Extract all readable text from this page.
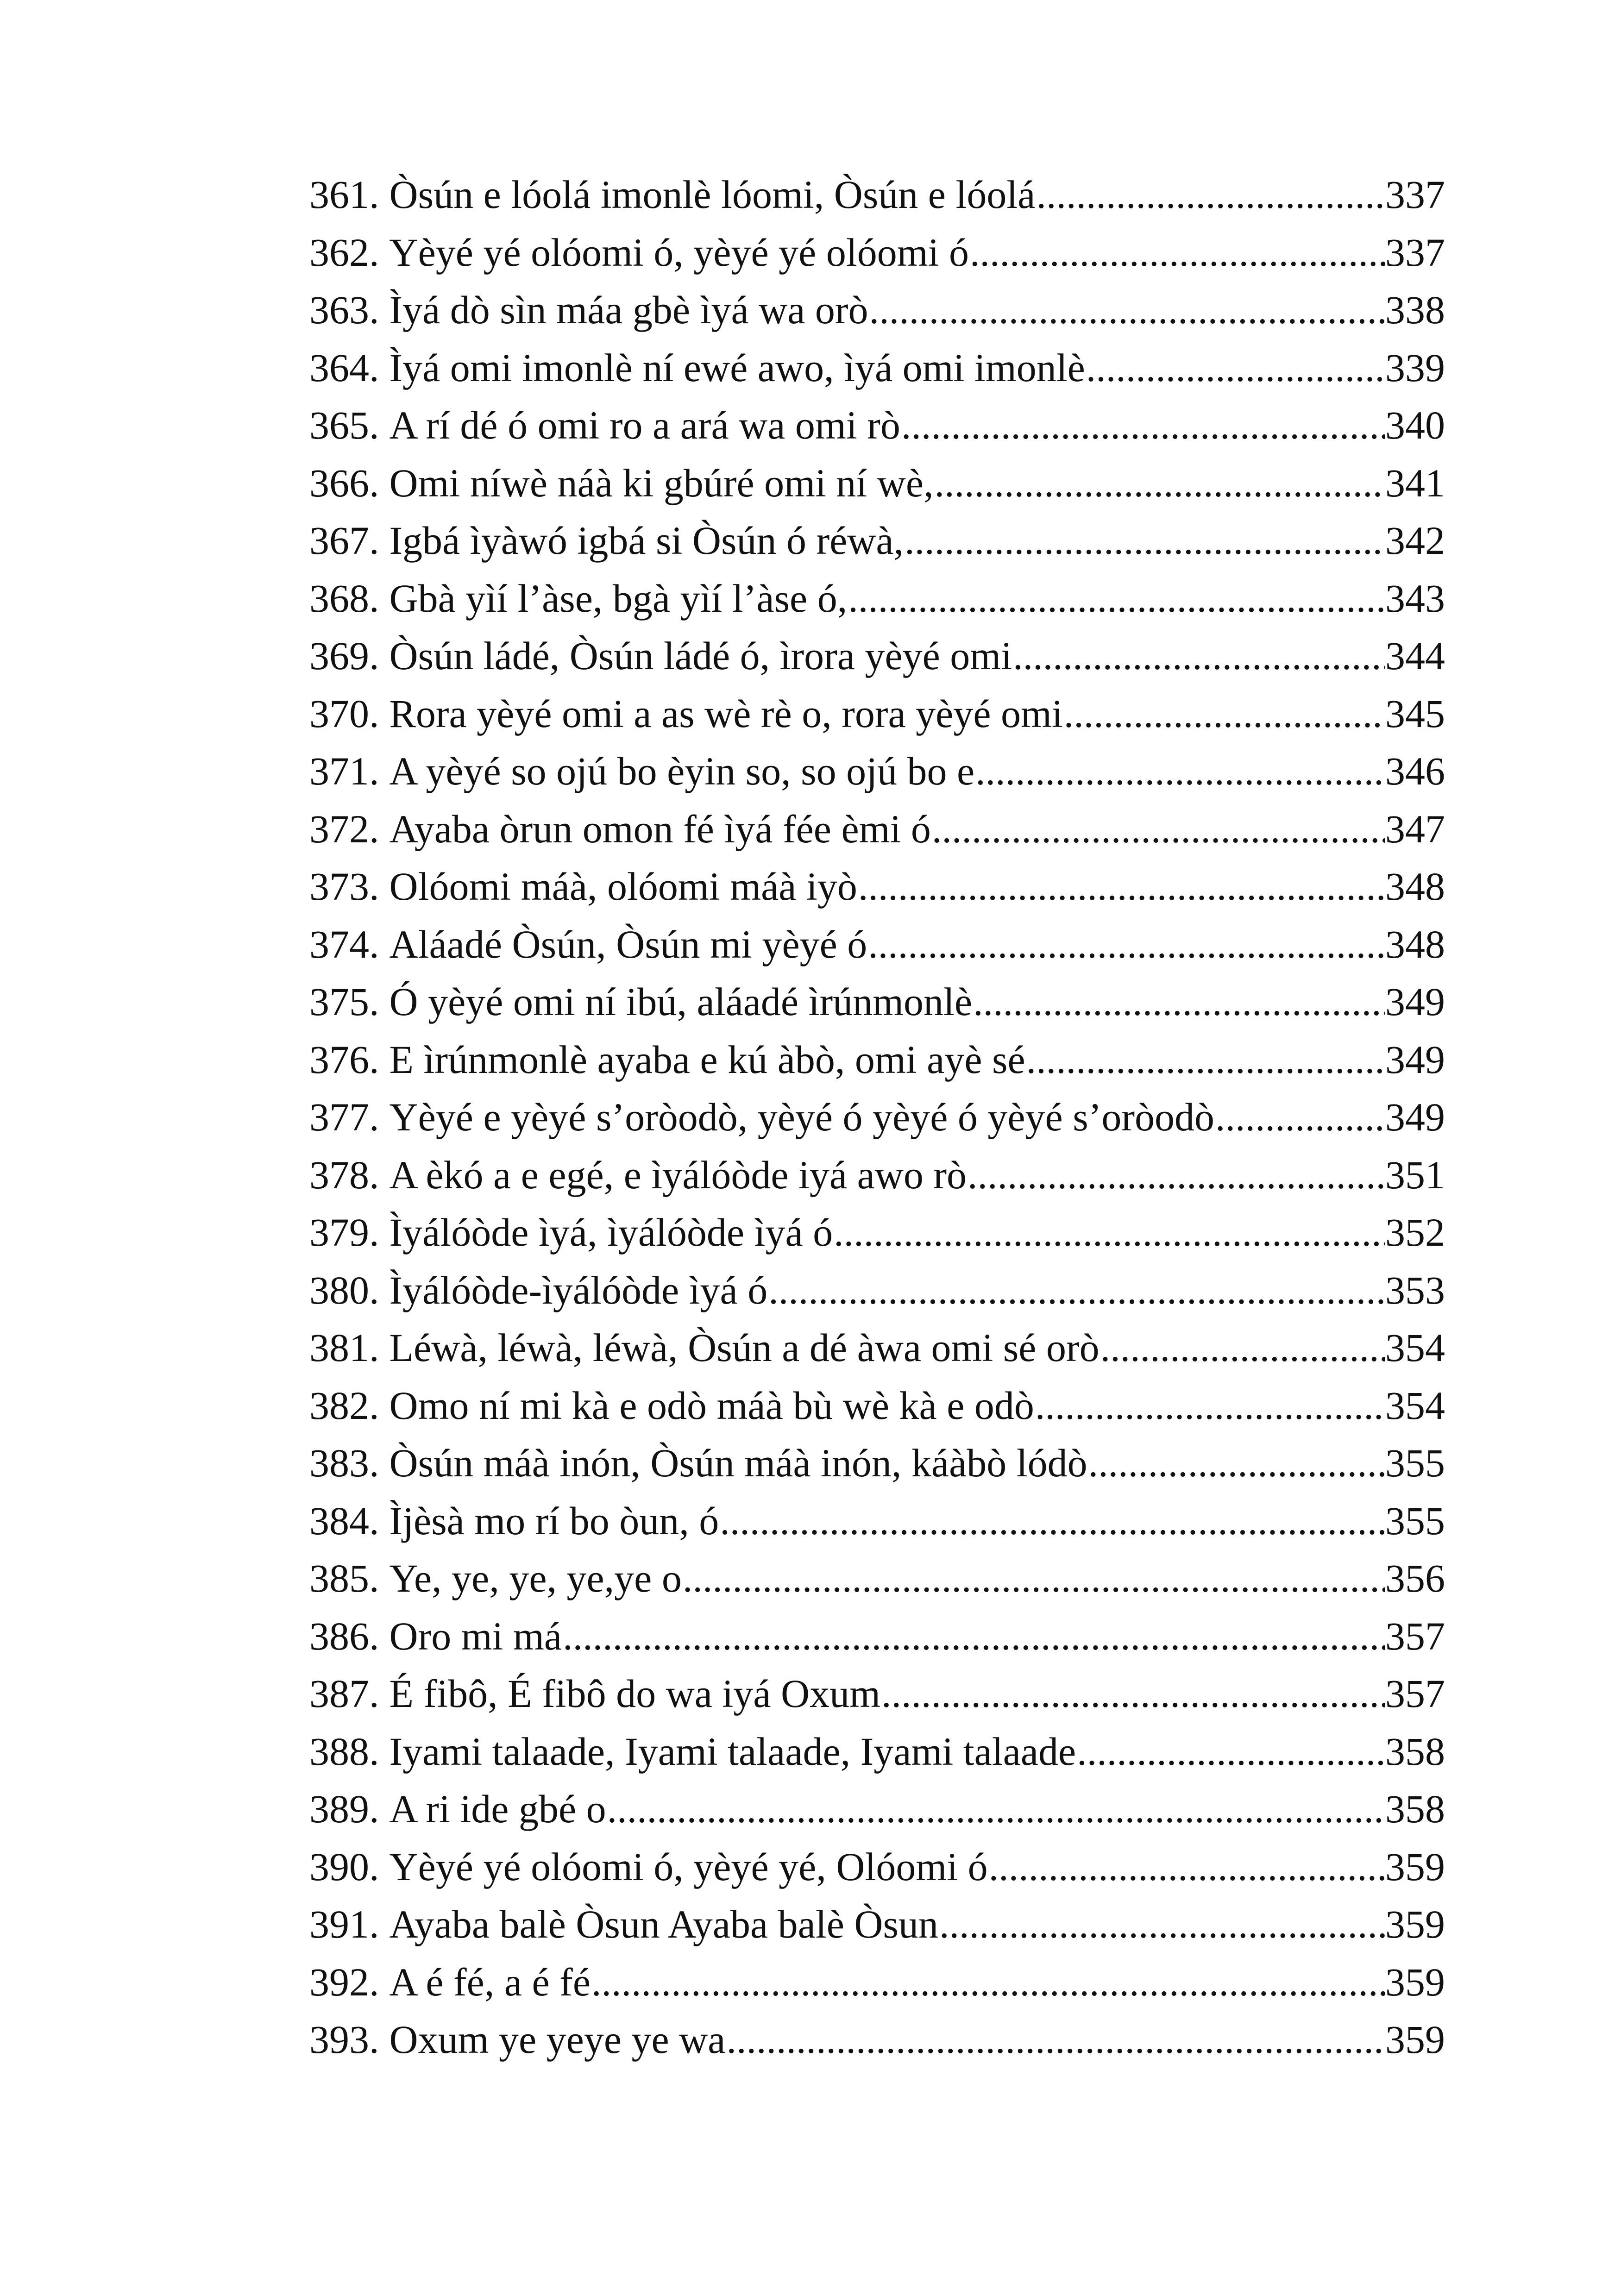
361. Òsún e lóolá imonlè lóomi, Òsún e lóolá .....	337
362. Yèyé yé olóomi ó, yèyé yé olóomi ó .....	337
363. Ìyá dò sìn máa gbè ìyá wa orò .....	338
364. Ìyá omi imonlè ní ewé awo, ìyá omi imonlè .....	339
365. A rí dé ó omi ro a ará wa omi rò .....	340
366. Omi níwè náà ki gbúré omi ní wè, .....	341
367. Igbá ìyàwó igbá si Òsún ó réwà, .....	342
368. Gbà yìí l’àse, bgà yìí l’àse ó, .....	343
369. Òsún ládé, Òsún ládé ó, ìrora yèyé omi .....	344
370. Rora yèyé omi a as wè rè o, rora yèyé omi .....	345
371. A yèyé so ojú bo èyin so, so ojú bo e .....	346
372. Ayaba òrun omon fé ìyá fée èmi ó .....	347
373. Olóomi máà, olóomi máà iyò .....	348
374. Aláadé Òsún, Òsún mi yèyé ó .....	348
375. Ó yèyé omi ní ibú, aláadé ìrúnmonlè .....	349
376. E ìrúnmonlè ayaba e kú àbò, omi ayè sé .....	349
377. Yèyé e yèyé s’oròodò, yèyé ó yèyé ó yèyé s’oròodò .....	349
378. A èkó a e egé, e ìyálóòde iyá awo rò .....	351
379. Ìyálóòde ìyá, ìyálóòde ìyá ó .....	352
380. Ìyálóòde-ìyálóòde ìyá ó .....	353
381. Léwà, léwà, léwà, Òsún a dé àwa omi sé orò .....	354
382. Omo ní mi kà e odò máà bù wè kà e odò .....	354
383. Òsún máà inón, Òsún máà inón, káàbò lódò .....	355
384. Ìjèsà mo rí bo òun, ó .....	355
385. Ye, ye, ye, ye,ye o .....	356
386. Oro mi má .....	357
387. É fibô, É fibô do wa iyá Oxum .....	357
388. Iyami talaade, Iyami talaade, Iyami talaade .....	358
389. A ri ide gbé o .....	358
390. Yèyé yé olóomi ó, yèyé yé, Olóomi ó .....	359
391. Ayaba balè Òsun Ayaba balè Òsun .....	359
392. A é fé, a é fé .....	359
393. Oxum ye yeye ye wa .....	359
